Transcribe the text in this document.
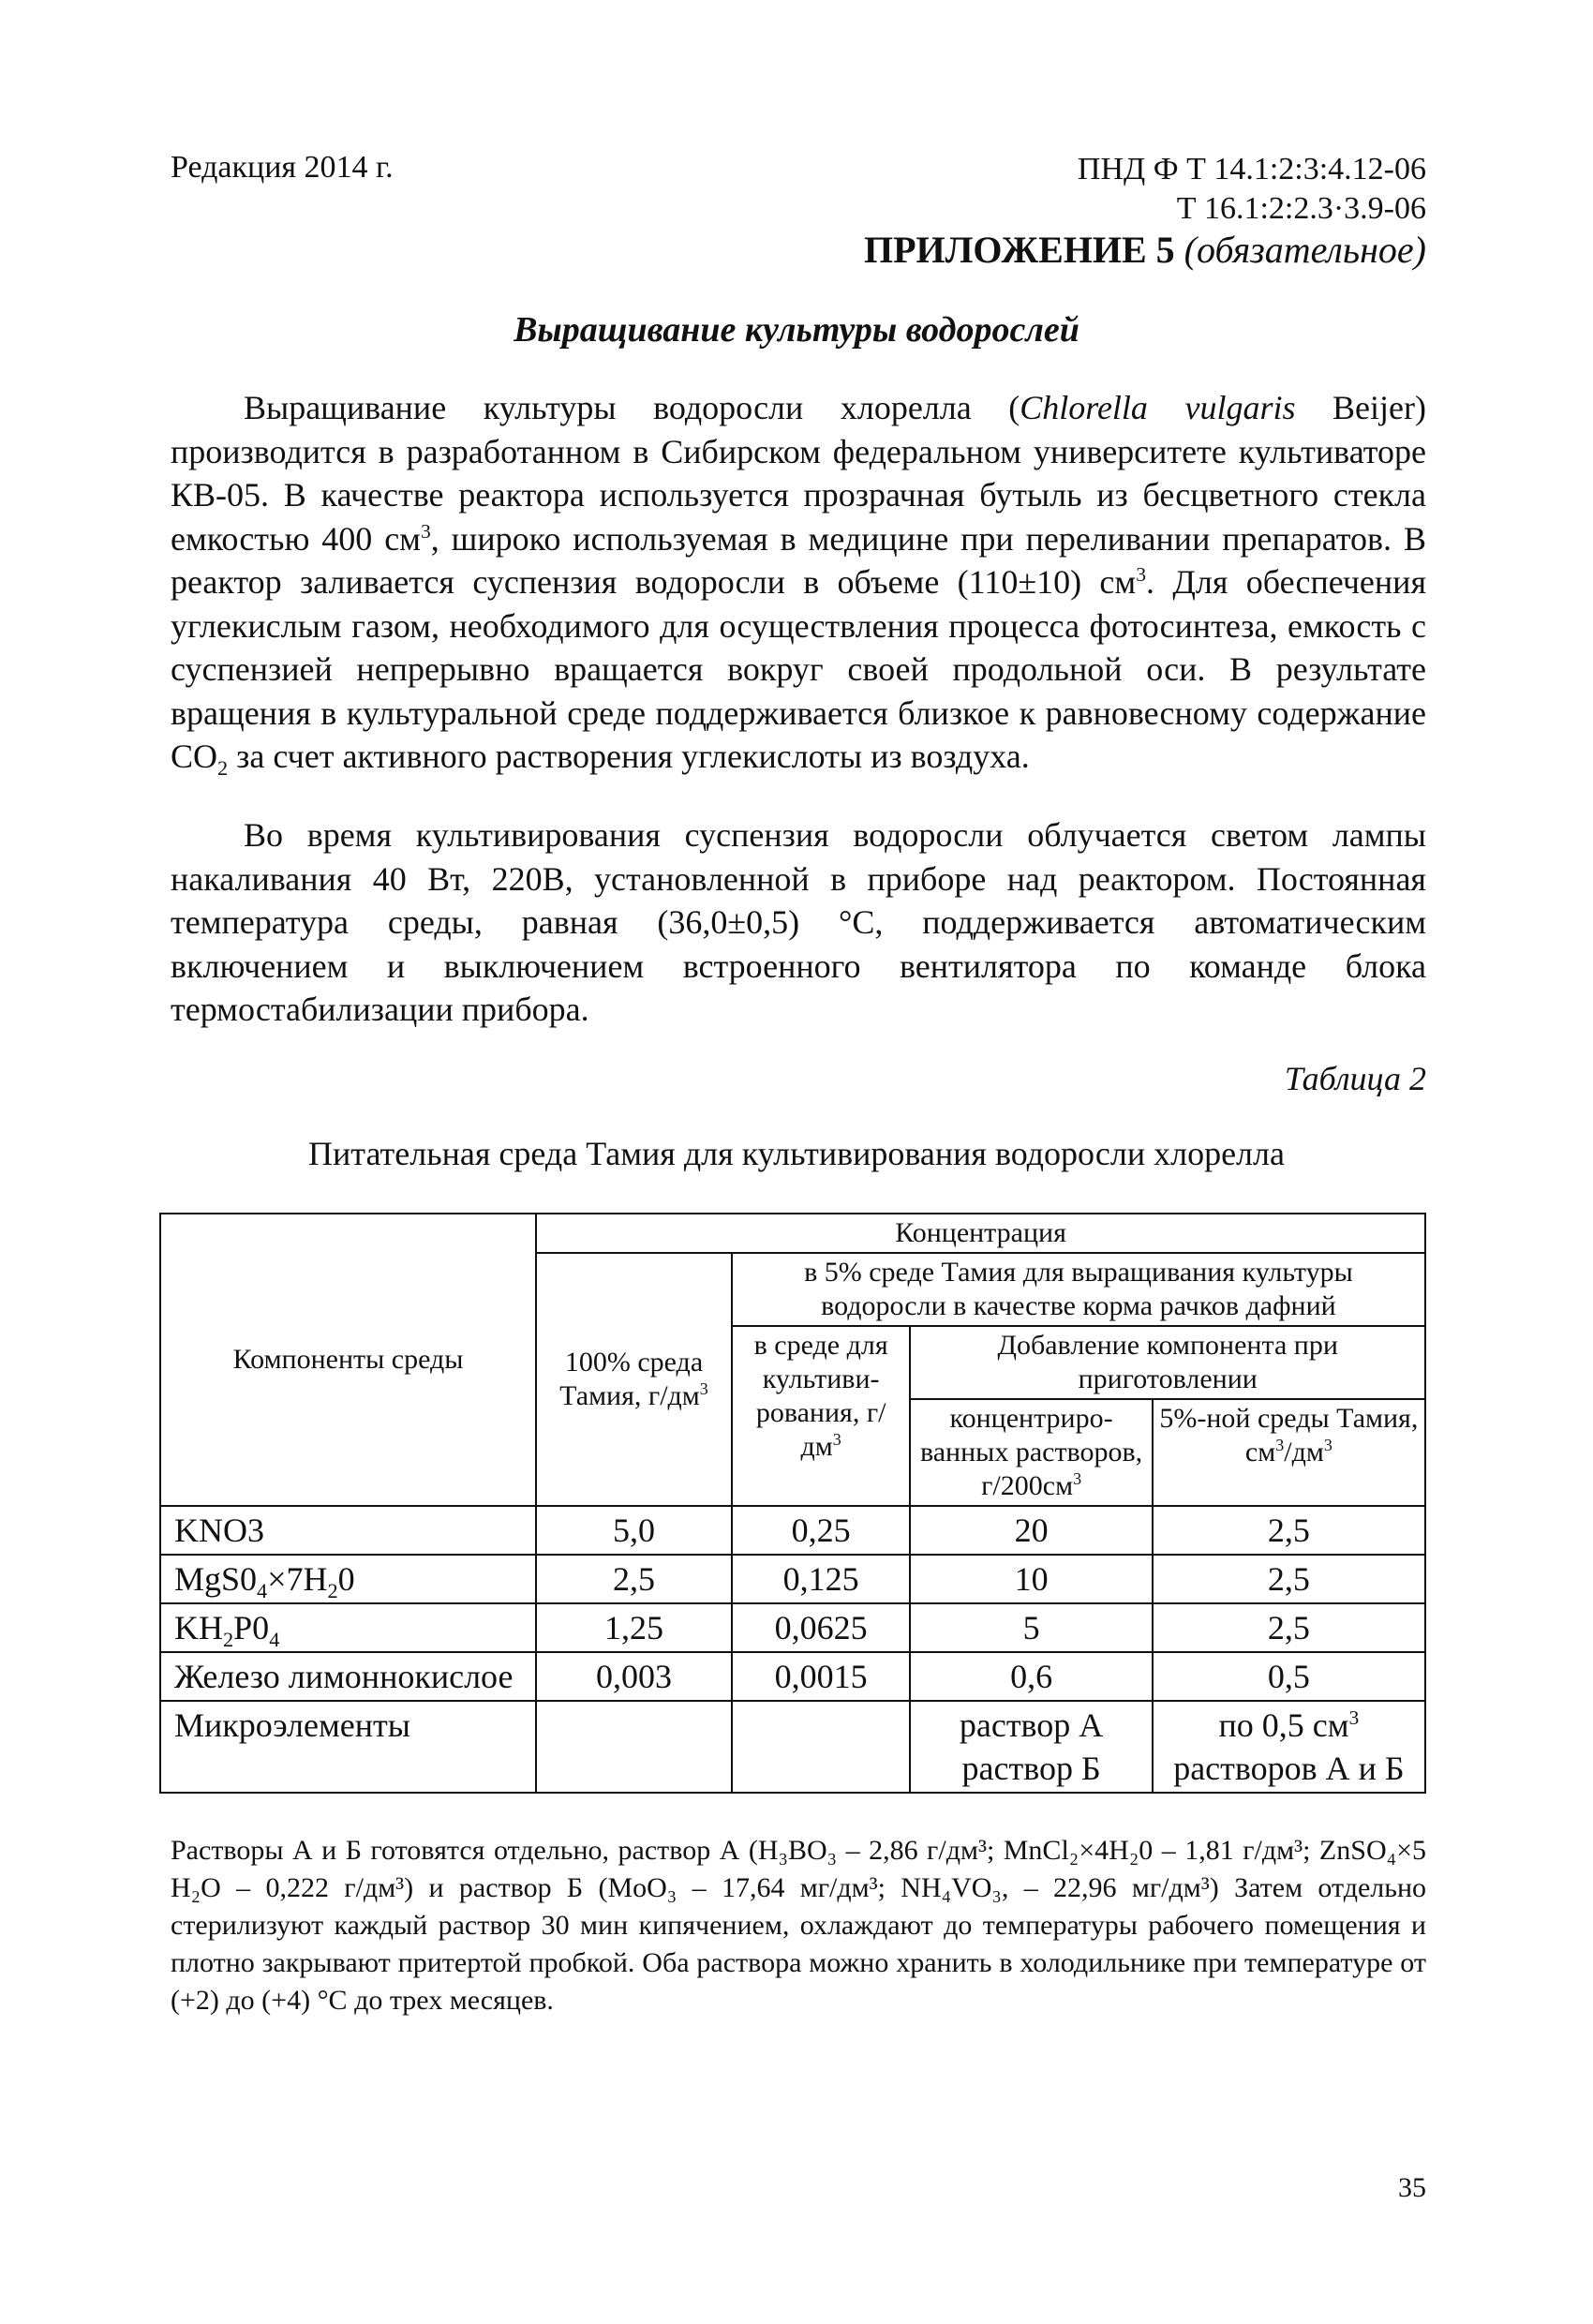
Редакция 2014 г.	ПНД Ф Т 14.1:2:3:4.12-06
Т 16.1:2:2.3·3.9-06
ПРИЛОЖЕНИЕ 5 (обязательное)
Выращивание культуры водорослей

Выращивание культуры водоросли хлорелла (Chlorella vulgaris Beijer) производится в разработанном в Сибирском федеральном университете культиваторе КВ-05. В качестве реактора используется прозрачная бутыль из бесцветного стекла емкостью 400 $см^3$, широко используемая в медицине при переливании препаратов. В реактор заливается суспензия водоросли в объеме (110±10) $см^3$. Для обеспечения углекислым газом, необходимого для осуществления процесса фотосинтеза, емкость с суспензией непрерывно вращается вокруг своей продольной оси. В результате вращения в культуральной среде поддерживается близкое к равновесному содержание $СО_2$ за счет активного растворения углекислоты из воздуха.

Во время культивирования суспензия водоросли облучается светом лампы накаливания 40 Вт, 220В, установленной в приборе над реактором. Постоянная температура среды, равная (36,0±0,5) °С, поддерживается автоматическим включением и выключением встроенного вентилятора по команде блока термостабилизации прибора.

Таблица 2
Питательная среда Тамия для культивирования водоросли хлорелла
Компоненты среды	Концентрация			
	100% среда Тамия, $г/дм^3$	в 5% среде Тамия для выращивания культуры водоросли в качестве корма рачков дафний		
		в среде для культиви-рования, $г/дм^3$	Добавление компонента при приготовлении	
			концентриро-ванных растворов, $г/200см^3$	5%-ной среды Тамия, $см^3/дм^3$
KNO3	5,0	0,25	20	2,5
$MgS0_4\times 7H_20$	2,5	0,125	10	2,5
$KH_2P0_4$	1,25	0,0625	5	2,5
Железо лимоннокислое	0,003	0,0015	0,6	0,5
Микроэлементы			раствор А раствор Б	по 0,5 $см^3$ растворов А и Б

Растворы А и Б готовятся отдельно, раствор А (H₃BO₃ – 2,86 г/дм³; MnCl₂×4H₂0 – 1,81 г/дм³; ZnSO₄×5 H₂O – 0,222 г/дм³) и раствор Б (MoO₃ – 17,64 мг/дм³; NH₄VO₃, – 22,96 мг/дм³) Затем отдельно стерилизуют каждый раствор 30 мин кипячением, охлаждают до температуры рабочего помещения и плотно закрывают притертой пробкой. Оба раствора можно хранить в холодильнике при температуре от (+2) до (+4) °С до трех месяцев.

35
